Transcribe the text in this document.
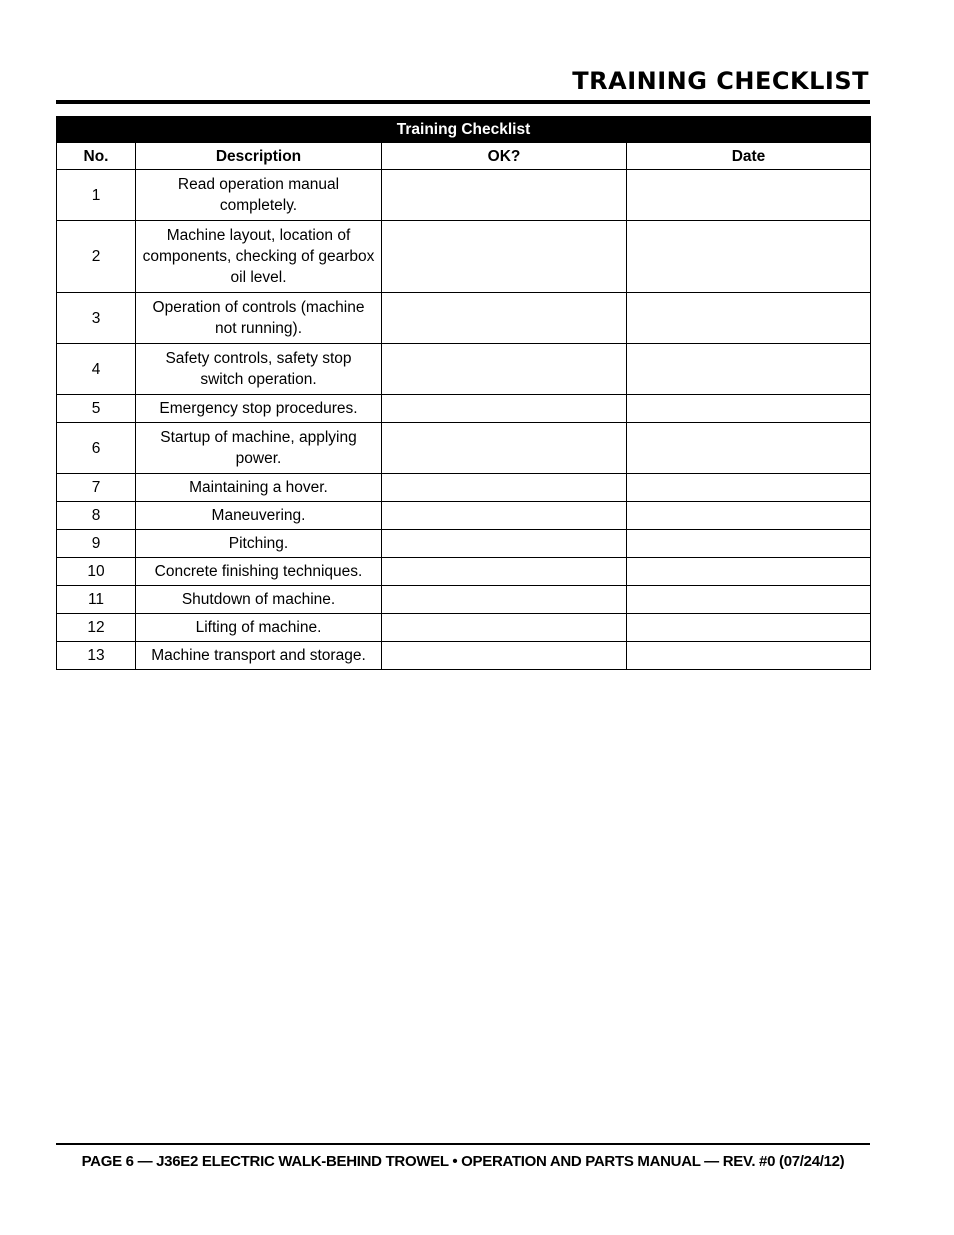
TRAINING CHECKLIST
Training Checklist			
No.	Description	OK?	Date
1	Read operation manual completely.		
2	Machine layout, location of components, checking of gearbox oil level.		
3	Operation of controls (machine not running).		
4	Safety controls, safety stop switch operation.		
5	Emergency stop procedures.		
6	Startup of machine, applying power.		
7	Maintaining a hover.		
8	Maneuvering.		
9	Pitching.		
10	Concrete finishing techniques.		
11	Shutdown of machine.		
12	Lifting of machine.		
13	Machine transport and storage.		
PAGE 6 — J36E2 ELECTRIC WALK-BEHIND TROWEL • OPERATION AND PARTS MANUAL — REV. #0 (07/24/12)
